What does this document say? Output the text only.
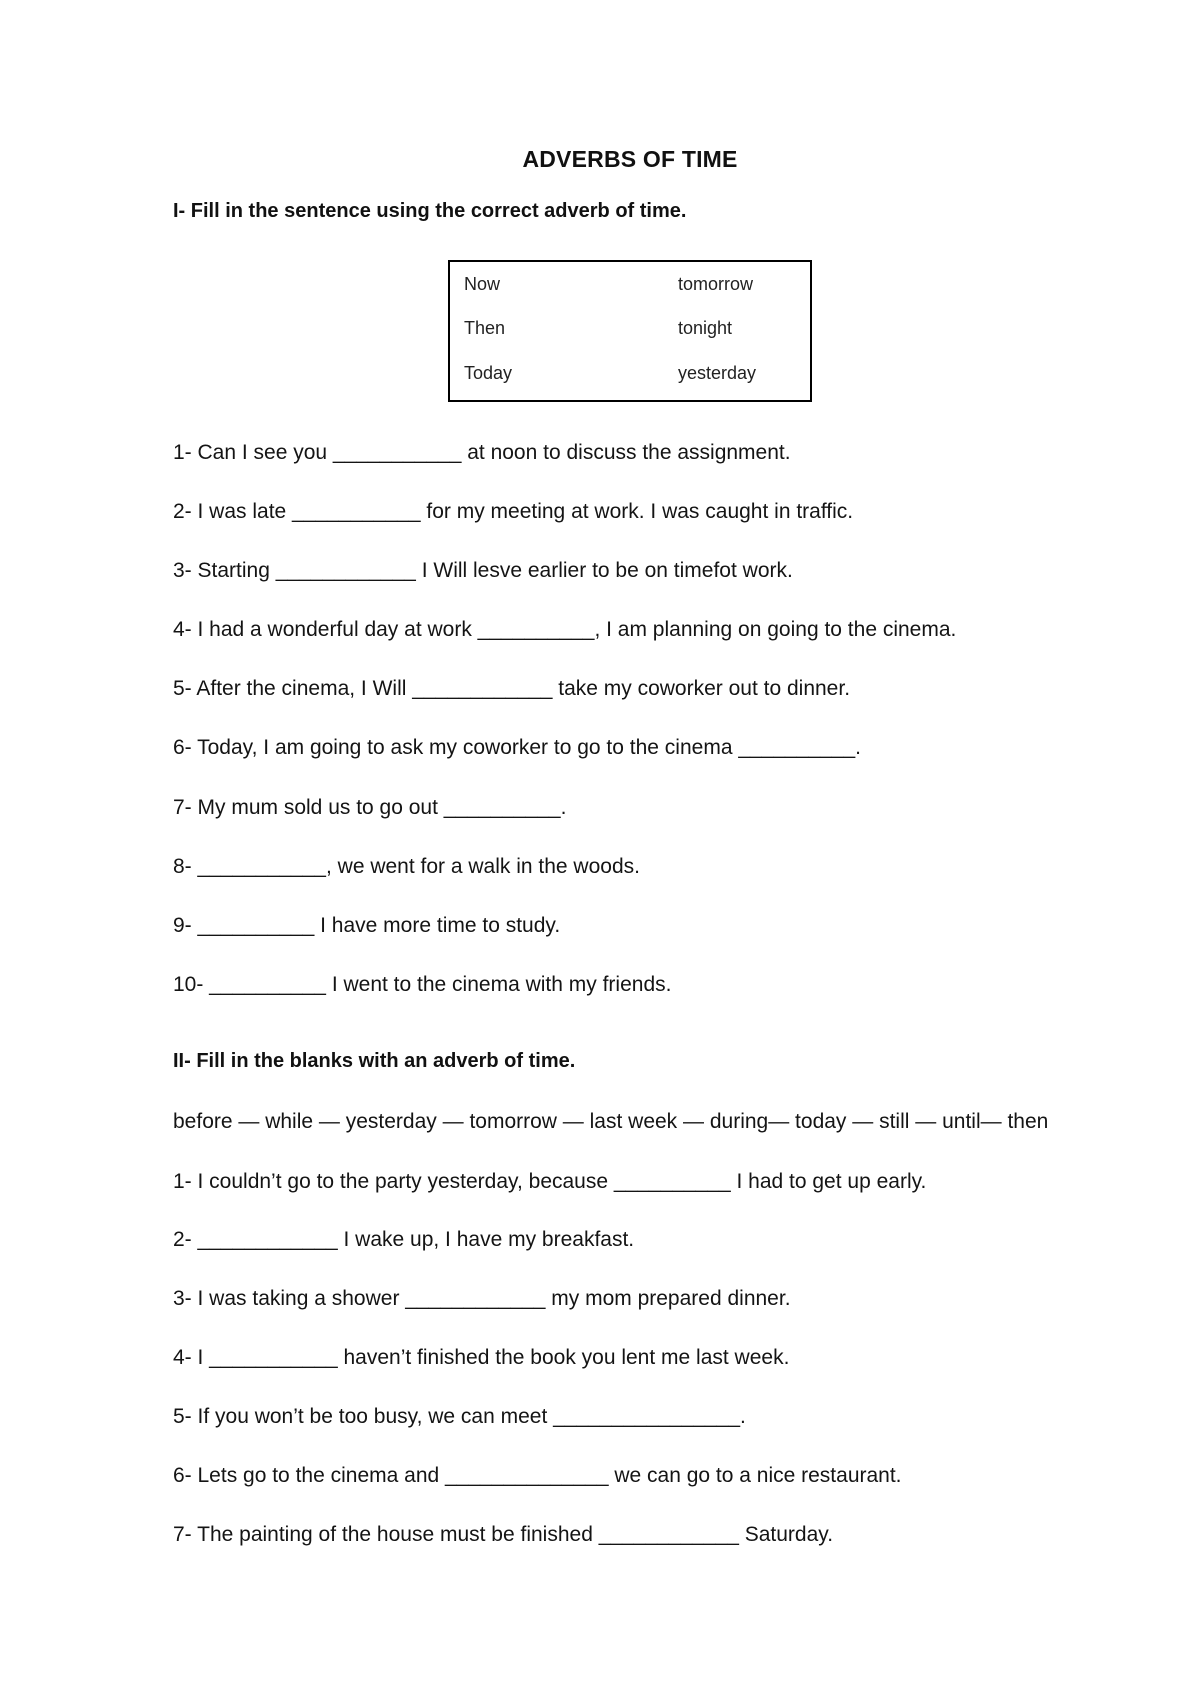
ADVERBS OF TIME
I- Fill in the sentence using the correct adverb of time.
Now	tomorrow
Then	tonight
Today	yesterday
1- Can I see you ___________ at noon to discuss the assignment.
2- I was late ___________ for my meeting at work. I was caught in traffic.
3- Starting ____________ I Will lesve earlier to be on timefot work.
4- I had a wonderful day at work __________, I am planning on going to the cinema.
5- After the cinema, I Will ____________ take my coworker out to dinner.
6- Today, I am going to ask my coworker to go to the cinema __________.
7- My mum sold us to go out __________.
8- ___________, we went for a walk in the woods.
9- __________ I have more time to study.
10- __________ I went to the cinema with my friends.
II- Fill in the blanks with an adverb of time.
before — while — yesterday — tomorrow — last week — during— today — still — until— then
1- I couldn’t go to the party yesterday, because __________ I had to get up early.
2- ____________ I wake up, I have my breakfast.
3- I was taking a shower ____________ my mom prepared dinner.
4- I ___________ haven’t finished the book you lent me last week.
5- If you won’t be too busy, we can meet ________________.
6- Lets go to the cinema and ______________ we can go to a nice restaurant.
7- The painting of the house must be finished ____________ Saturday.
